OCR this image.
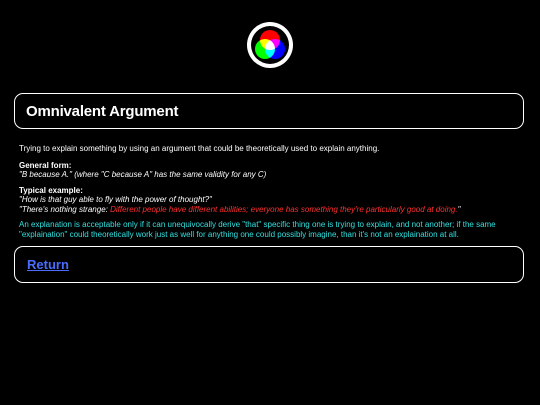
Omnivalent Argument

Trying to explain something by using an argument that could be theoretically used to explain anything.

General form:
"B because A." (where "C because A" has the same validity for any C)
Typical example:
"How is that guy able to fly with the power of thought?"
"There's nothing strange: Different people have different abilities; everyone has something they're particularly good at doing."

An explanation is acceptable only if it can unequivocally derive "that" specific thing one is trying to explain, and not another; if the same "explaination" could theoretically work just as well for anything one could possibly imagine, than it's not an explaination at all.

Return
